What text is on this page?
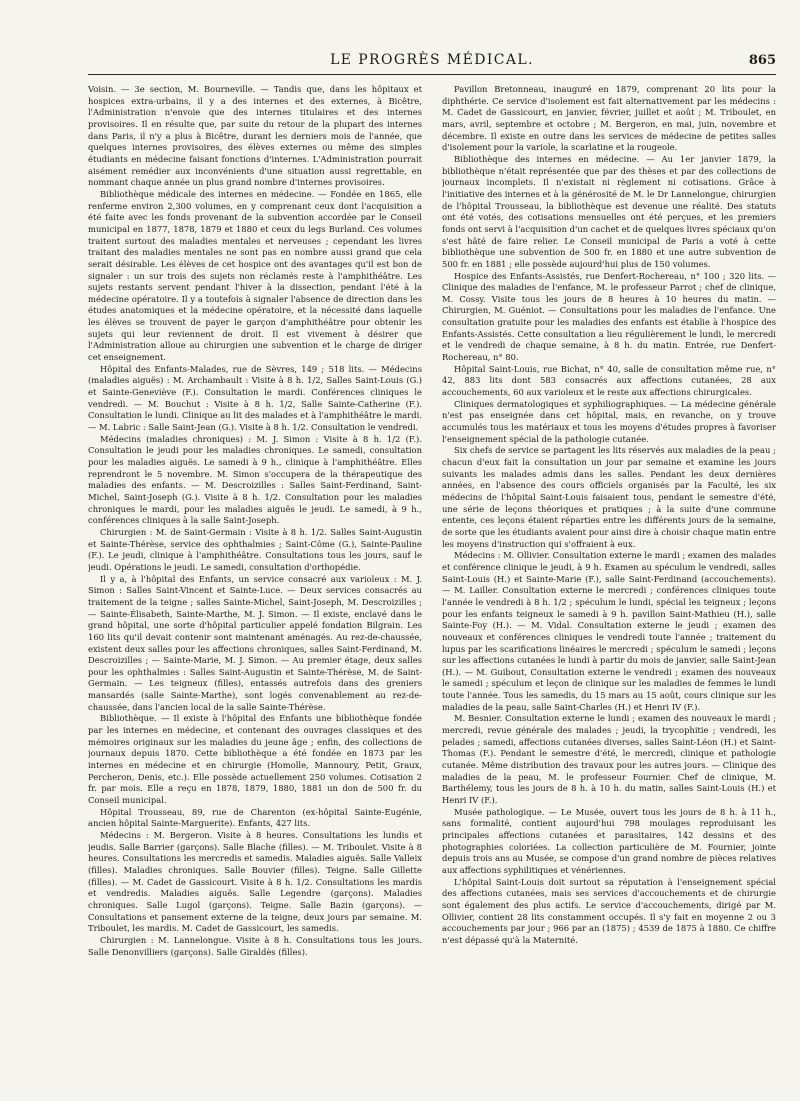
LE PROGRÈS MÉDICAL.	865

Voisin. — 3e section, M. Bourneville. — Tandis que, dans les hôpitaux et hospices extra-urbains, il y a des internes et des externes, à Bicêtre, l'Administration n'envoie que des internes titulaires et des internes provisoires. Il en résulte que, par suite du retour de la plupart des internes dans Paris, il n'y a plus à Bicêtre, durant les derniers mois de l'année, que quelques internes provisoires, des élèves externes ou même des simples étudiants en médecine faisant fonctions d'internes. L'Administration pourrait aisément remédier aux inconvénients d'une situation aussi regrettable, en nommant chaque année un plus grand nombre d'internes provisoires.

Bibliothèque médicale des internes en médecine. — Fondée en 1865, elle renferme environ 2,300 volumes, en y comprenant ceux dont l'acquisition a été faite avec les fonds provenant de la subvention accordée par le Conseil municipal en 1877, 1878, 1879 et 1880 et ceux du legs Burland. Ces volumes traitent surtout des maladies mentales et nerveuses ; cependant les livres traitant des maladies mentales ne sont pas en nombre aussi grand que cela serait désirable. Les élèves de cet hospice ont des avantages qu'il est bon de signaler : un sur trois des sujets non réclamés reste à l'amphithéâtre. Les sujets restants servent pendant l'hiver à la dissection, pendant l'été à la médecine opératoire. Il y a toutefois à signaler l'absence de direction dans les études anatomiques et la médecine opératoire, et la nécessité dans laquelle les élèves se trouvent de payer le garçon d'amphithéâtre pour obtenir les sujets qui leur reviennent de droit. Il est vivement à désirer que l'Administration alloue au chirurgien une subvention et le charge de diriger cet enseignement.

Hôpital des Enfants-Malades, rue de Sèvres, 149 ; 518 lits. — Médecins (maladies aiguës) : M. Archambault : Visite à 8 h. 1/2, Salles Saint-Louis (G.) et Sainte-Geneviève (F.). Consultation le mardi. Conférences cliniques le vendredi. — M. Bouchut : Visite à 8 h. 1/2, Salle Sainte-Catherine (F.). Consultation le lundi. Clinique au lit des malades et à l'amphithéâtre le mardi. — M. Labric : Salle Saint-Jean (G.). Visite à 8 h. 1/2. Consultation le vendredi.

Médecins (maladies chroniques) : M. J. Simon : Visite à 8 h. 1/2 (F.). Consultation le jeudi pour les maladies chroniques. Le samedi, consultation pour les maladies aiguës. Le samedi à 9 h., clinique à l'amphithéâtre. Elles reprendront le 5 novembre. M. Simon s'occupera de la thérapeutique des maladies des enfants. — M. Descroizilles : Salles Saint-Ferdinand, Saint-Michel, Saint-Joseph (G.). Visite à 8 h. 1/2. Consultation pour les maladies chroniques le mardi, pour les maladies aiguës le jeudi. Le samedi, à 9 h., conférences cliniques à la salle Saint-Joseph.

Chirurgien : M. de Saint-Germain : Visite à 8 h. 1/2. Salles Saint-Augustin et Sainte-Thérèse, service des ophthalmies ; Saint-Côme (G.), Sainte-Pauline (F.). Le jeudi, clinique à l'amphithéâtre. Consultations tous les jours, sauf le jeudi. Opérations le jeudi. Le samedi, consultation d'orthopédie.

Il y a, à l'hôpital des Enfants, un service consacré aux varioleux : M. J. Simon : Salles Saint-Vincent et Sainte-Luce. — Deux services consacrés au traitement de la teigne ; salles Sainte-Michel, Saint-Joseph, M. Descroizilles ; — Sainte-Élisabeth, Sainte-Marthe, M. J. Simon. — Il existe, enclavé dans le grand hôpital, une sorte d'hôpital particulier appelé fondation Bilgrain. Les 160 lits qu'il devait contenir sont maintenant aménagés. Au rez-de-chaussée, existent deux salles pour les affections chroniques, salles Saint-Ferdinand, M. Descroizilles ; — Sainte-Marie, M. J. Simon. — Au premier étage, deux salles pour les ophthalmies : Salles Saint-Augustin et Sainte-Thérèse, M. de Saint-Germain. — Les teigneux (filles), entassés autrefois dans des greniers mansardés (salle Sainte-Marthe), sont logés convenablement au rez-de-chaussée, dans l'ancien local de la salle Sainte-Thérèse.

Bibliothèque. — Il existe à l'hôpital des Enfants une bibliothèque fondée par les internes en médecine, et contenant des ouvrages classiques et des mémoires originaux sur les maladies du jeune âge ; enfin, des collections de journaux depuis 1870. Cette bibliothèque a été fondée en 1873 par les internes en médecine et en chirurgie (Homolle, Mannoury, Petit, Graux, Percheron, Denis, etc.). Elle possède actuellement 250 volumes. Cotisation 2 fr. par mois. Elle a reçu en 1878, 1879, 1880, 1881 un don de 500 fr. du Conseil municipal.

Hôpital Trousseau, 89, rue de Charenton (ex-hôpital Sainte-Eugénie, ancien hôpital Sainte-Marguerite). Enfants, 427 lits.

Médecins : M. Bergeron. Visite à 8 heures. Consultations les lundis et jeudis. Salle Barrier (garçons). Salle Blache (filles). — M. Triboulet. Visite à 8 heures. Consultations les mercredis et samedis. Maladies aiguës. Salle Valleix (filles). Maladies chroniques. Salle Bouvier (filles). Teigne. Salle Gillette (filles). — M. Cadet de Gassicourt. Visite à 8 h. 1/2. Consultations les mardis et vendredis. Maladies aiguës. Salle Legendre (garçons). Maladies chroniques. Salle Lugol (garçons). Teigne. Salle Bazin (garçons). — Consultations et pansement externe de la teigne, deux jours par semaine. M. Triboulet, les mardis. M. Cadet de Gassicourt, les samedis.

Chirurgien : M. Lannelongue. Visite à 8 h. Consultations tous les jours. Salle Denonvilliers (garçons). Salle Giraldès (filles).

Pavillon Bretonneau, inauguré en 1879, comprenant 20 lits pour la diphthérie. Ce service d'isolement est fait alternativement par les médecins : M. Cadet de Gassicourt, en janvier, février, juillet et août ; M. Triboulet, en mars, avril, septembre et octobre ; M. Bergeron, en mai, juin, novembre et décembre. Il existe en outre dans les services de médecine de petites salles d'isolement pour la variole, la scarlatine et la rougeole.

Bibliothèque des internes en médecine. — Au 1er janvier 1879, la bibliothèque n'était représentée que par des thèses et par des collections de journaux incomplets. Il n'existait ni règlement ni cotisations. Grâce à l'initiative des internes et à la générosité de M. le Dr Lannelongue, chirurgien de l'hôpital Trousseau, la bibliothèque est devenue une réalité. Des statuts ont été votés, des cotisations mensuelles ont été perçues, et les premiers fonds ont servi à l'acquisition d'un cachet et de quelques livres spéciaux qu'on s'est hâté de faire relier. Le Conseil municipal de Paris a voté à cette bibliothèque une subvention de 500 fr. en 1880 et une autre subvention de 500 fr. en 1881 ; elle possède aujourd'hui plus de 150 volumes.

Hospice des Enfants-Assistés, rue Denfert-Rochereau, n° 100 ; 320 lits. — Clinique des maladies de l'enfance, M. le professeur Parrot ; chef de clinique, M. Cossy. Visite tous les jours de 8 heures à 10 heures du matin. — Chirurgien, M. Guéniot. — Consultations pour les maladies de l'enfance. Une consultation gratuite pour les maladies des enfants est établie à l'hospice des Enfants-Assistés. Cette consultation a lieu régulièrement le lundi, le mercredi et le vendredi de chaque semaine, à 8 h. du matin. Entrée, rue Denfert-Rochereau, n° 80.

Hôpital Saint-Louis, rue Bichat, n° 40, salle de consultation même rue, n° 42, 883 lits dont 583 consacrés aux affections cutanées, 28 aux accouchements, 60 aux varioleux et le reste aux affections chirurgicales.

Cliniques dermatologiques et syphiliographiques. — La médecine générale n'est pas enseignée dans cet hôpital, mais, en revanche, on y trouve accumulés tous les matériaux et tous les moyens d'études propres à favoriser l'enseignement spécial de la pathologie cutanée.

Six chefs de service se partagent les lits réservés aux maladies de la peau ; chacun d'eux fait la consultation un jour par semaine et examine les jours suivants les malades admis dans les salles. Pendant les deux dernières années, en l'absence des cours officiels organisés par la Faculté, les six médecins de l'hôpital Saint-Louis faisaient tous, pendant le semestre d'été, une série de leçons théoriques et pratiques ; à la suite d'une commune entente, ces leçons étaient réparties entre les différents jours de la semaine, de sorte que les étudiants avaient pour ainsi dire à choisir chaque matin entre les moyens d'instruction qui s'offraient à eux.

Médecins : M. Ollivier. Consultation externe le mardi ; examen des malades et conférence clinique le jeudi, à 9 h. Examen au spéculum le vendredi, salles Saint-Louis (H.) et Sainte-Marie (F.), salle Saint-Ferdinand (accouchements). — M. Lailler. Consultation externe le mercredi ; conférences cliniques toute l'année le vendredi à 8 h. 1/2 ; spéculum le lundi, spécial les teigneux ; leçons pour les enfants teigneux le samedi à 9 h. pavillon Saint-Mathieu (H.), salle Sainte-Foy (H.). — M. Vidal. Consultation externe le jeudi ; examen des nouveaux et conférences cliniques le vendredi toute l'année ; traitement du lupus par les scarifications linéaires le mercredi ; spéculum le samedi ; leçons sur les affections cutanées le lundi à partir du mois de janvier, salle Saint-Jean (H.). — M. Guibout, Consultation externe le vendredi ; examen des nouveaux le samedi ; spéculum et leçon de clinique sur les maladies de femmes le lundi toute l'année. Tous les samedis, du 15 mars au 15 août, cours clinique sur les maladies de la peau, salle Saint-Charles (H.) et Henri IV (F.).

M. Besnier. Consultation externe le lundi ; examen des nouveaux le mardi ; mercredi, revue générale des malades ; jeudi, la trycophitie ; vendredi, les pelades ; samedi, affections cutanées diverses, salles Saint-Léon (H.) et Saint-Thomas (F.). Pendant le semestre d'été, le mercredi, clinique et pathologie cutanée. Même distribution des travaux pour les autres jours. — Clinique des maladies de la peau, M. le professeur Fournier. Chef de clinique, M. Barthélemy, tous les jours de 8 h. à 10 h. du matin, salles Saint-Louis (H.) et Henri IV (F.).

Musée pathologique. — Le Musée, ouvert tous les jours de 8 h. à 11 h., sans formalité, contient aujourd'hui 798 moulages reproduisant les principales affections cutanées et parasitaires, 142 dessins et des photographies coloriées. La collection particulière de M. Fournier, jointe depuis trois ans au Musée, se compose d'un grand nombre de pièces relatives aux affections syphilitiques et vénériennes.

L'hôpital Saint-Louis doit surtout sa réputation à l'enseignement spécial des affections cutanées, mais ses services d'accouchements et de chirurgie sont également des plus actifs. Le service d'accouchements, dirigé par M. Ollivier, contient 28 lits constamment occupés. Il s'y fait en moyenne 2 ou 3 accouchements par jour ; 966 par an (1875) ; 4539 de 1875 à 1880. Ce chiffre n'est dépassé qu'à la Maternité.
